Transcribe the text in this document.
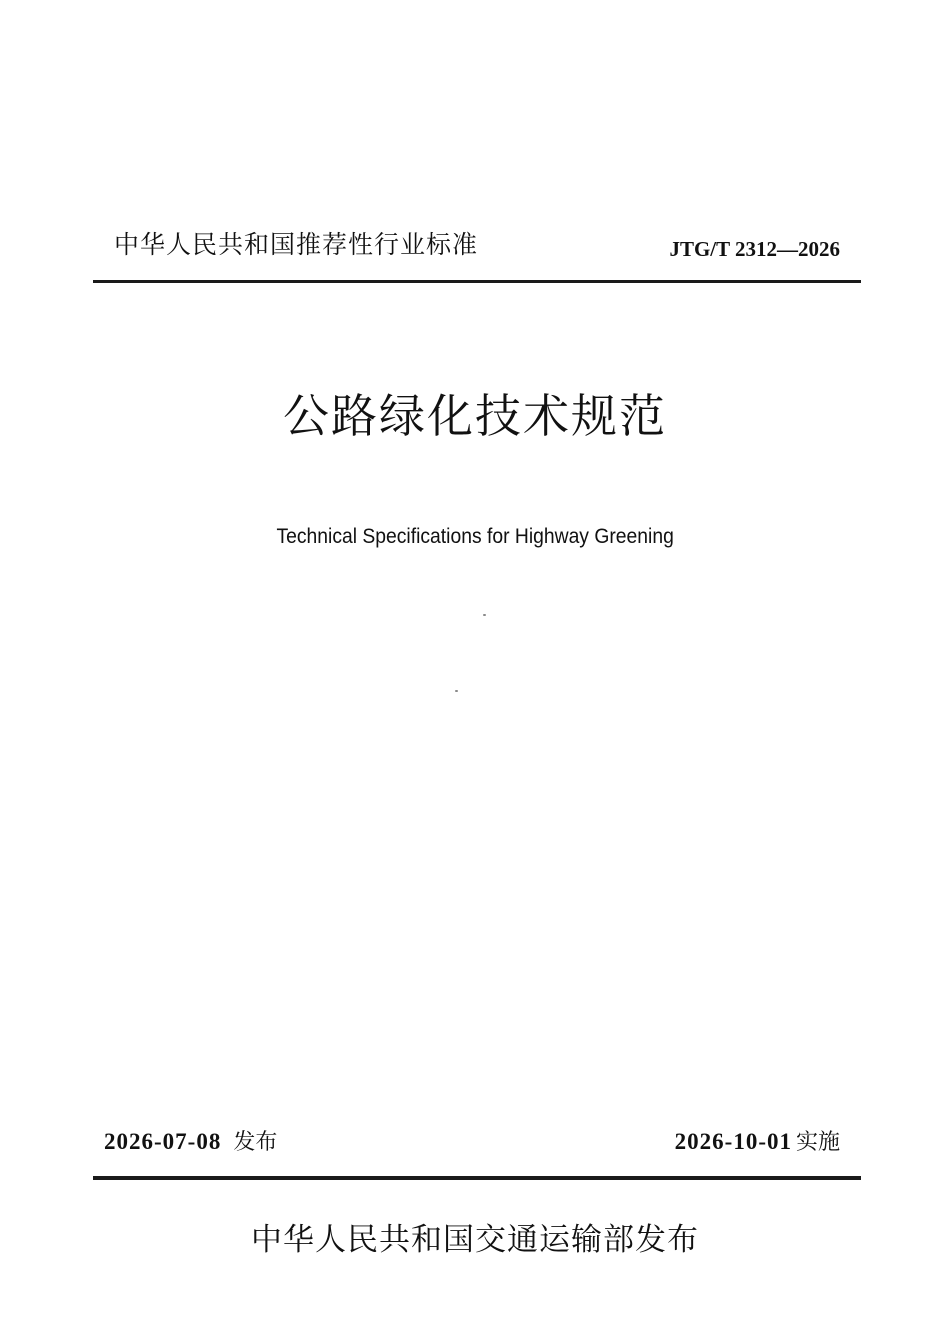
中华人民共和国推荐性行业标准	JTG/T 2312—2026
公路绿化技术规范
Technical Specifications for Highway Greening
2026-07-08 发布	2026-10-01 实施
中华人民共和国交通运输部发布
